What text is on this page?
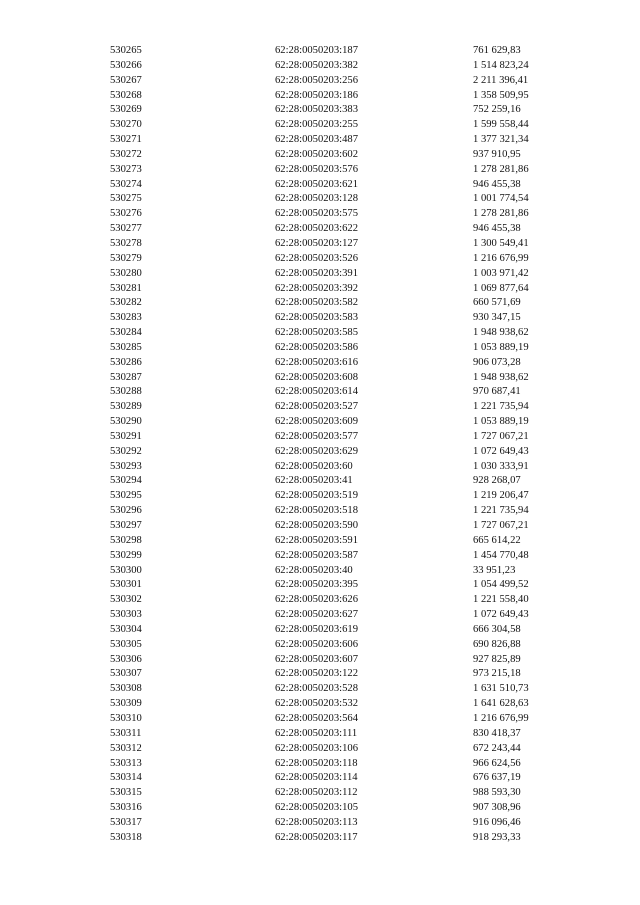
530265	62:28:0050203:187	761 629,83
530266	62:28:0050203:382	1 514 823,24
530267	62:28:0050203:256	2 211 396,41
530268	62:28:0050203:186	1 358 509,95
530269	62:28:0050203:383	752 259,16
530270	62:28:0050203:255	1 599 558,44
530271	62:28:0050203:487	1 377 321,34
530272	62:28:0050203:602	937 910,95
530273	62:28:0050203:576	1 278 281,86
530274	62:28:0050203:621	946 455,38
530275	62:28:0050203:128	1 001 774,54
530276	62:28:0050203:575	1 278 281,86
530277	62:28:0050203:622	946 455,38
530278	62:28:0050203:127	1 300 549,41
530279	62:28:0050203:526	1 216 676,99
530280	62:28:0050203:391	1 003 971,42
530281	62:28:0050203:392	1 069 877,64
530282	62:28:0050203:582	660 571,69
530283	62:28:0050203:583	930 347,15
530284	62:28:0050203:585	1 948 938,62
530285	62:28:0050203:586	1 053 889,19
530286	62:28:0050203:616	906 073,28
530287	62:28:0050203:608	1 948 938,62
530288	62:28:0050203:614	970 687,41
530289	62:28:0050203:527	1 221 735,94
530290	62:28:0050203:609	1 053 889,19
530291	62:28:0050203:577	1 727 067,21
530292	62:28:0050203:629	1 072 649,43
530293	62:28:0050203:60	1 030 333,91
530294	62:28:0050203:41	928 268,07
530295	62:28:0050203:519	1 219 206,47
530296	62:28:0050203:518	1 221 735,94
530297	62:28:0050203:590	1 727 067,21
530298	62:28:0050203:591	665 614,22
530299	62:28:0050203:587	1 454 770,48
530300	62:28:0050203:40	33 951,23
530301	62:28:0050203:395	1 054 499,52
530302	62:28:0050203:626	1 221 558,40
530303	62:28:0050203:627	1 072 649,43
530304	62:28:0050203:619	666 304,58
530305	62:28:0050203:606	690 826,88
530306	62:28:0050203:607	927 825,89
530307	62:28:0050203:122	973 215,18
530308	62:28:0050203:528	1 631 510,73
530309	62:28:0050203:532	1 641 628,63
530310	62:28:0050203:564	1 216 676,99
530311	62:28:0050203:111	830 418,37
530312	62:28:0050203:106	672 243,44
530313	62:28:0050203:118	966 624,56
530314	62:28:0050203:114	676 637,19
530315	62:28:0050203:112	988 593,30
530316	62:28:0050203:105	907 308,96
530317	62:28:0050203:113	916 096,46
530318	62:28:0050203:117	918 293,33
